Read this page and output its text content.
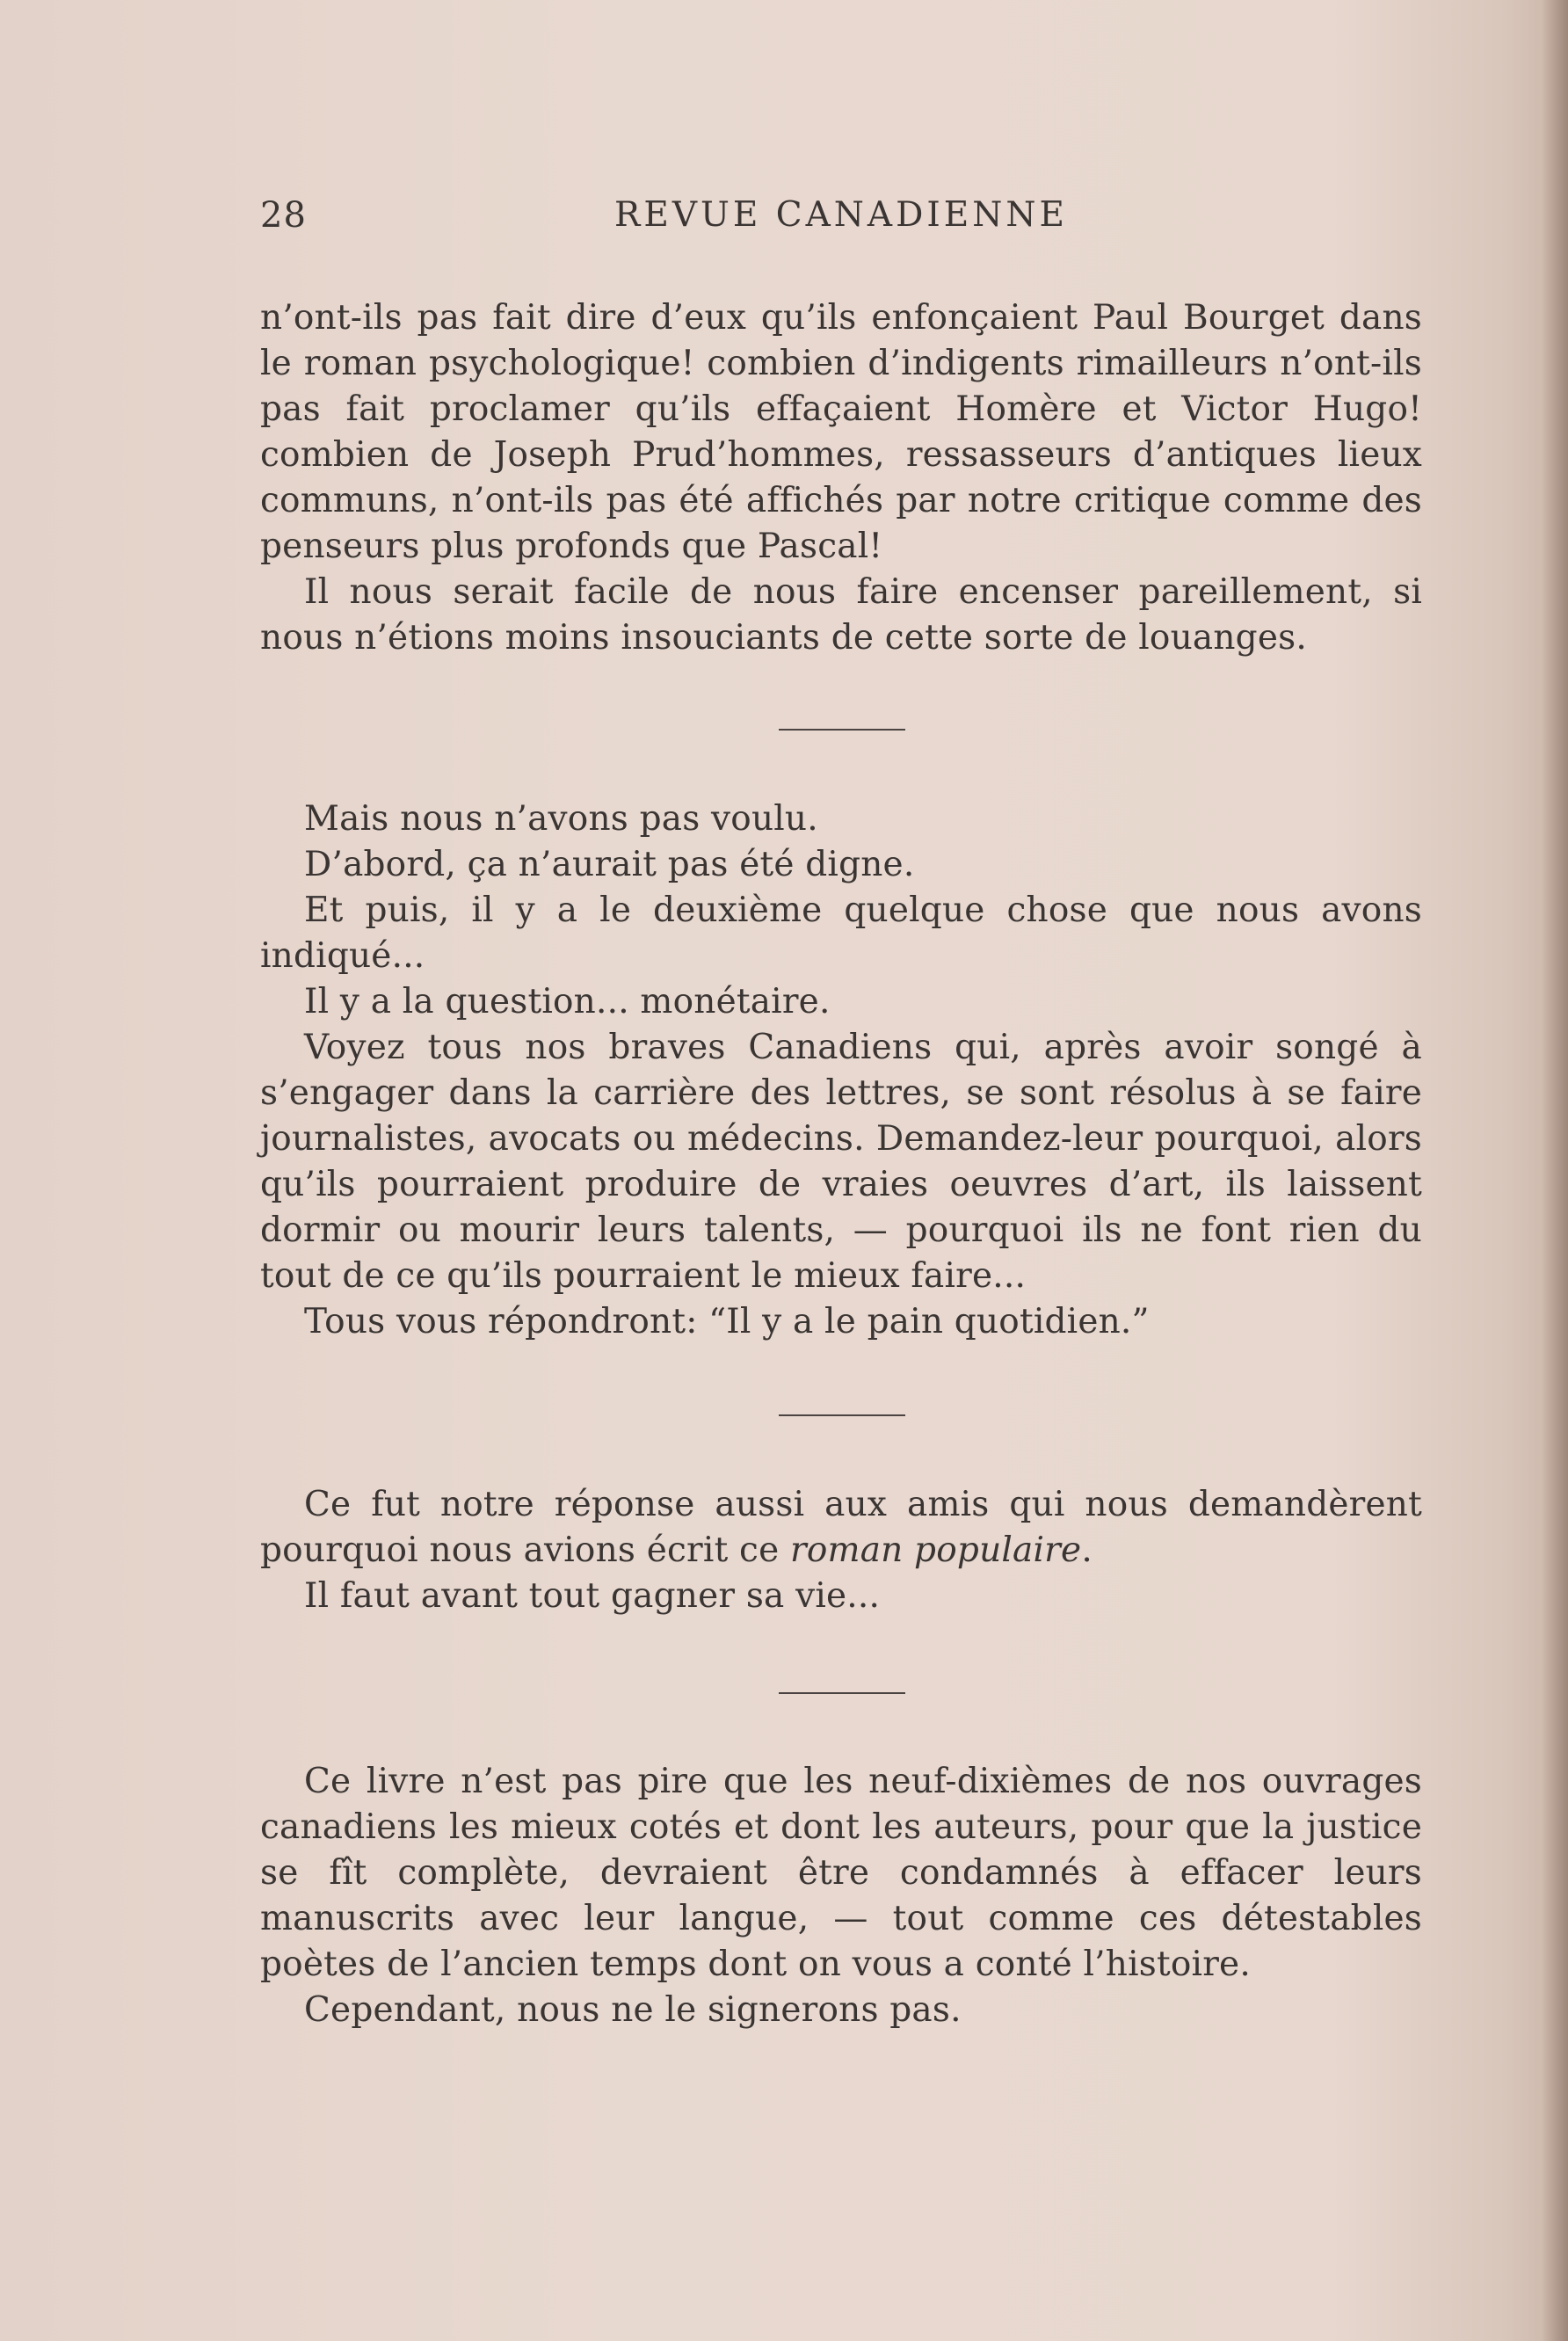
28	REVUE CANADIENNE

n’ont-ils pas fait dire d’eux qu’ils enfonçaient Paul Bourget dans le roman psychologique! combien d’indigents rimailleurs n’ont-ils pas fait proclamer qu’ils effaçaient Homère et Victor Hugo! combien de Joseph Prud’hommes, ressasseurs d’antiques lieux communs, n’ont-ils pas été affichés par notre critique comme des penseurs plus profonds que Pascal!

Il nous serait facile de nous faire encenser pareillement, si nous n’étions moins insouciants de cette sorte de louanges.

Mais nous n’avons pas voulu.

D’abord, ça n’aurait pas été digne.

Et puis, il y a le deuxième quelque chose que nous avons indiqué...

Il y a la question... monétaire.

Voyez tous nos braves Canadiens qui, après avoir songé à s’engager dans la carrière des lettres, se sont résolus à se faire journalistes, avocats ou médecins. Demandez-leur pourquoi, alors qu’ils pourraient produire de vraies oeuvres d’art, ils laissent dormir ou mourir leurs talents, — pourquoi ils ne font rien du tout de ce qu’ils pourraient le mieux faire...

Tous vous répondront: “Il y a le pain quotidien.”

Ce fut notre réponse aussi aux amis qui nous demandèrent pourquoi nous avions écrit ce roman populaire.

Il faut avant tout gagner sa vie...

Ce livre n’est pas pire que les neuf-dixièmes de nos ouvrages canadiens les mieux cotés et dont les auteurs, pour que la justice se fît complète, devraient être condamnés à effacer leurs manuscrits avec leur langue, — tout comme ces détestables poètes de l’ancien temps dont on vous a conté l’histoire.

Cependant, nous ne le signerons pas.
